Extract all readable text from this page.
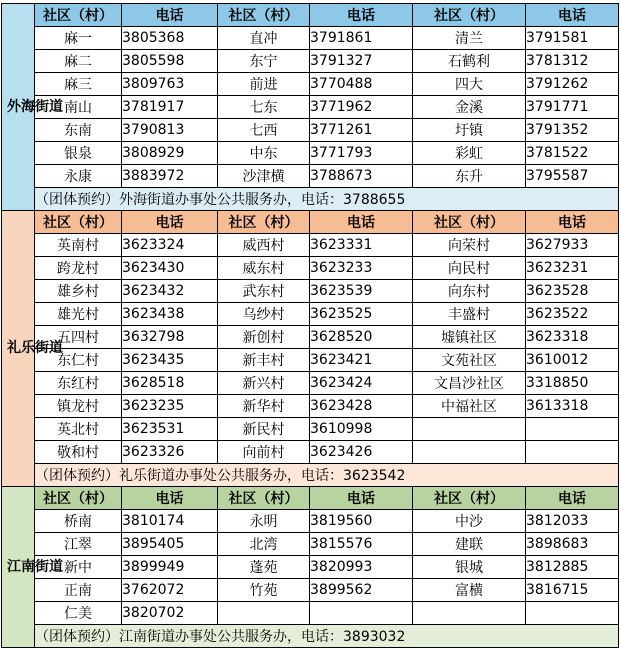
外海街道	社区（村）	电话	社区（村）	电话	社区（村）	电话
	麻一	3805368	直冲	3791861	清兰	3791581
	麻二	3805598	东宁	3791327	石鹤利	3781312
	麻三	3809763	前进	3770488	四大	3791262
	南山	3781917	七东	3771962	金溪	3791771
	东南	3790813	七西	3771261	圩镇	3791352
	银泉	3808929	中东	3771793	彩虹	3781522
	永康	3883972	沙津横	3788673	东升	3795587
	（团体预约）外海街道办事处公共服务办，电话：3788655					
礼乐街道	社区（村）	电话	社区（村）	电话	社区（村）	电话
	英南村	3623324	威西村	3623331	向荣村	3627933
	跨龙村	3623430	威东村	3623233	向民村	3623231
	雄乡村	3623432	武东村	3623539	向东村	3623528
	雄光村	3623438	乌纱村	3623525	丰盛村	3623522
	五四村	3632798	新创村	3628520	墟镇社区	3623318
	东仁村	3623435	新丰村	3623421	文苑社区	3610012
	东红村	3628518	新兴村	3623424	文昌沙社区	3318850
	镇龙村	3623235	新华村	3623428	中福社区	3613318
	英北村	3623531	新民村	3610998		
	敬和村	3623326	向前村	3623426		
	（团体预约）礼乐街道办事处公共服务办，电话：3623542					
江南街道	社区（村）	电话	社区（村）	电话	社区（村）	电话
	桥南	3810174	永明	3819560	中沙	3812033
	江翠	3895405	北湾	3815576	建联	3898683
	新中	3899949	蓬苑	3820993	银城	3812885
	正南	3762072	竹苑	3899562	富横	3816715
	仁美	3820702				
	（团体预约）江南街道办事处公共服务办，电话：3893032					
